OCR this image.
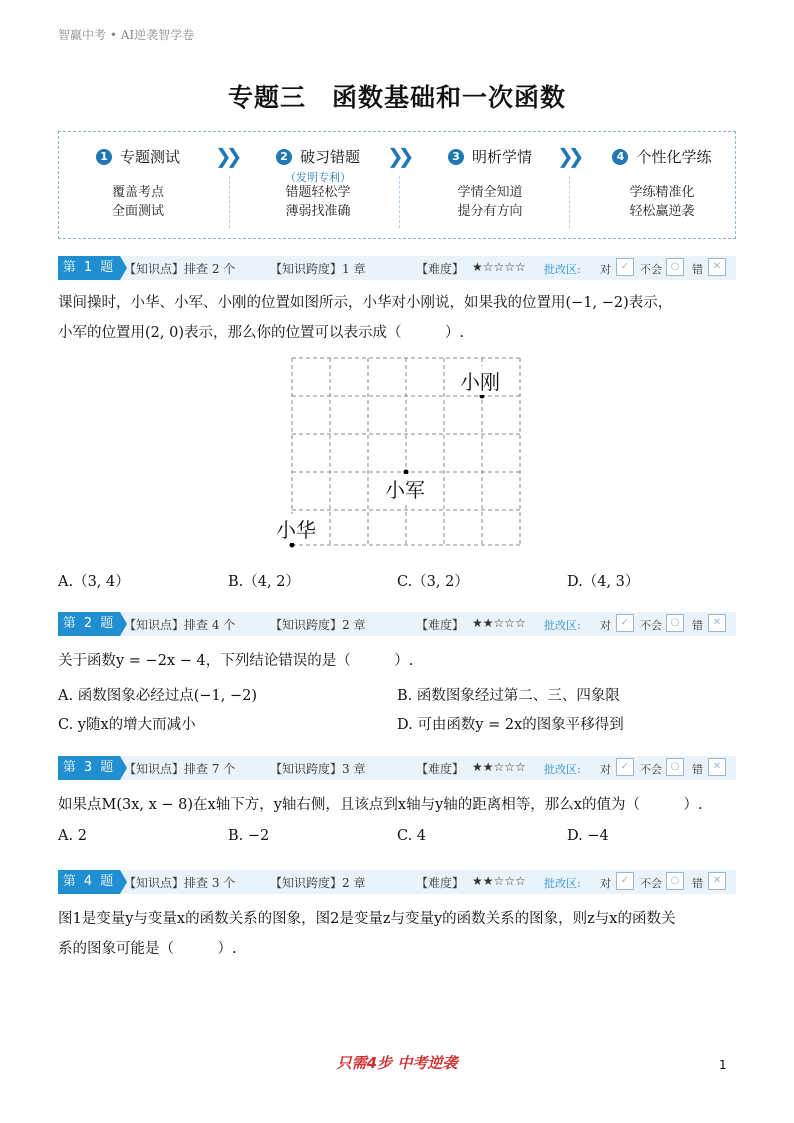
智赢中考 • AI逆袭智学卷
专题三　函数基础和一次函数
1 专题测试
覆盖考点
全面测试
❯❯	2 破习错题
（发明专利）
错题轻松学
薄弱找准确
❯❯	3 明析学情
学情全知道
提分有方向
❯❯	4 个性化学练
学练精准化
轻松赢逆袭
第 1 题 【知识点】排查 2 个	【知识跨度】1 章	【难度】 ★☆☆☆☆ 批改区: 对 ✓ 不会 ○	错 ✕
课间操时，小华、小军、小刚的位置如图所示，小华对小刚说，如果我的位置用(−1, −2)表示，
小军的位置用(2, 0)表示，那么你的位置可以表示成（　　　）.
小刚
小军
小华
A.（3, 4）	B.（4, 2）	C.（3, 2）	D.（4, 3）
第 2 题 【知识点】排查 4 个	【知识跨度】2 章	【难度】 ★★☆☆☆ 批改区: 对 ✓ 不会 ○	错 ✕
关于函数y = −2x − 4，下列结论错误的是（　　　）.
A. 函数图象必经过点(−1, −2)	B. 函数图象经过第二、三、四象限
C. y随x的增大而减小	D. 可由函数y = 2x的图象平移得到
第 3 题 【知识点】排查 7 个	【知识跨度】3 章	【难度】 ★★☆☆☆ 批改区: 对 ✓ 不会 ○	错 ✕
如果点M(3x, x − 8)在x轴下方，y轴右侧，且该点到x轴与y轴的距离相等，那么x的值为（　　　）.
A. 2	B. −2	C. 4	D. −4
第 4 题 【知识点】排查 3 个	【知识跨度】2 章	【难度】 ★★☆☆☆ 批改区: 对 ✓ 不会 ○	错 ✕
图1是变量y与变量x的函数关系的图象，图2是变量z与变量y的函数关系的图象，则z与x的函数关
系的图象可能是（　　　）.
只需4步 中考逆袭	1
